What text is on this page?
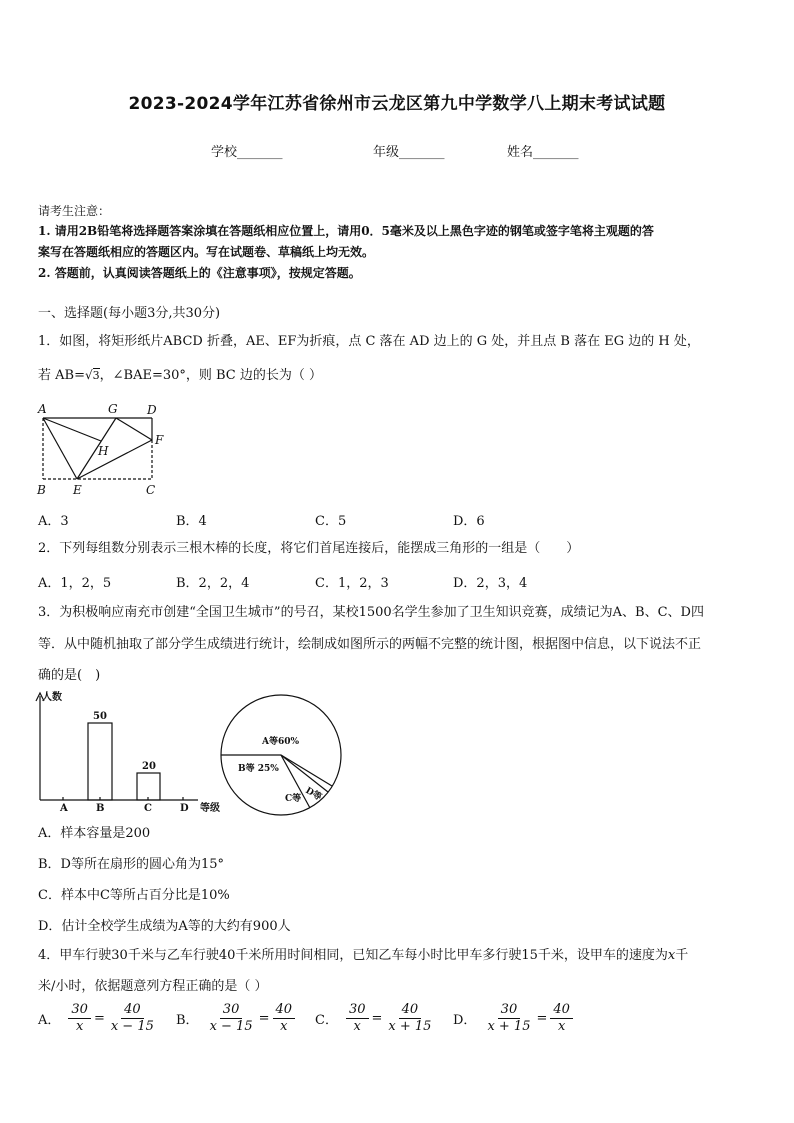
2023-2024学年江苏省徐州市云龙区第九中学数学八上期末考试试题
学校_______	年级_______	姓名_______
请考生注意：
1. 请用2B铅笔将选择题答案涂填在答题纸相应位置上，请用0．5毫米及以上黑色字迹的钢笔或签字笔将主观题的答
案写在答题纸相应的答题区内。写在试题卷、草稿纸上均无效。
2. 答题前，认真阅读答题纸上的《注意事项》，按规定答题。
一、选择题(每小题3分,共30分)
1．如图，将矩形纸片ABCD 折叠，AE、EF为折痕，点 C 落在 AD 边上的 G 处，并且点 B 落在 EG 边的 H 处，
若 AB=√3，∠BAE=30°，则 BC 边的长为（ ）
A	G D
F
H
B E	C
A．3	B．4	C．5	D．6
2．下列每组数分别表示三根木棒的长度，将它们首尾连接后，能摆成三角形的一组是（　　）
A．1，2，5	B．2，2，4	C．1，2，3	D．2，3，4
3．为积极响应南充市创建“全国卫生城市”的号召，某校1500名学生参加了卫生知识竞赛，成绩记为A、B、C、D四
等．从中随机抽取了部分学生成绩进行统计，绘制成如图所示的两幅不完整的统计图，根据图中信息，以下说法不正
确的是(　)
人数
50
20
A	B	C	D 等级
A等60%
B等 25%
C等 D等
A．样本容量是200
B．D等所在扇形的圆心角为15°
C．样本中C等所占百分比是10%
D．估计全校学生成绩为A等的大约有900人
4．甲车行驶30千米与乙车行驶40千米所用时间相同，已知乙车每小时比甲车多行驶15千米，设甲车的速度为x千
米/小时，依据题意列方程正确的是（ ）
A． $\frac{30}{x} = \frac{40}{x - 15}$ B． $\frac{30}{x - 15} = \frac{40}{x}$ C． $\frac{30}{x} = \frac{40}{x + 15}$ D． $\frac{30}{x + 15} = \frac{40}{x}$
